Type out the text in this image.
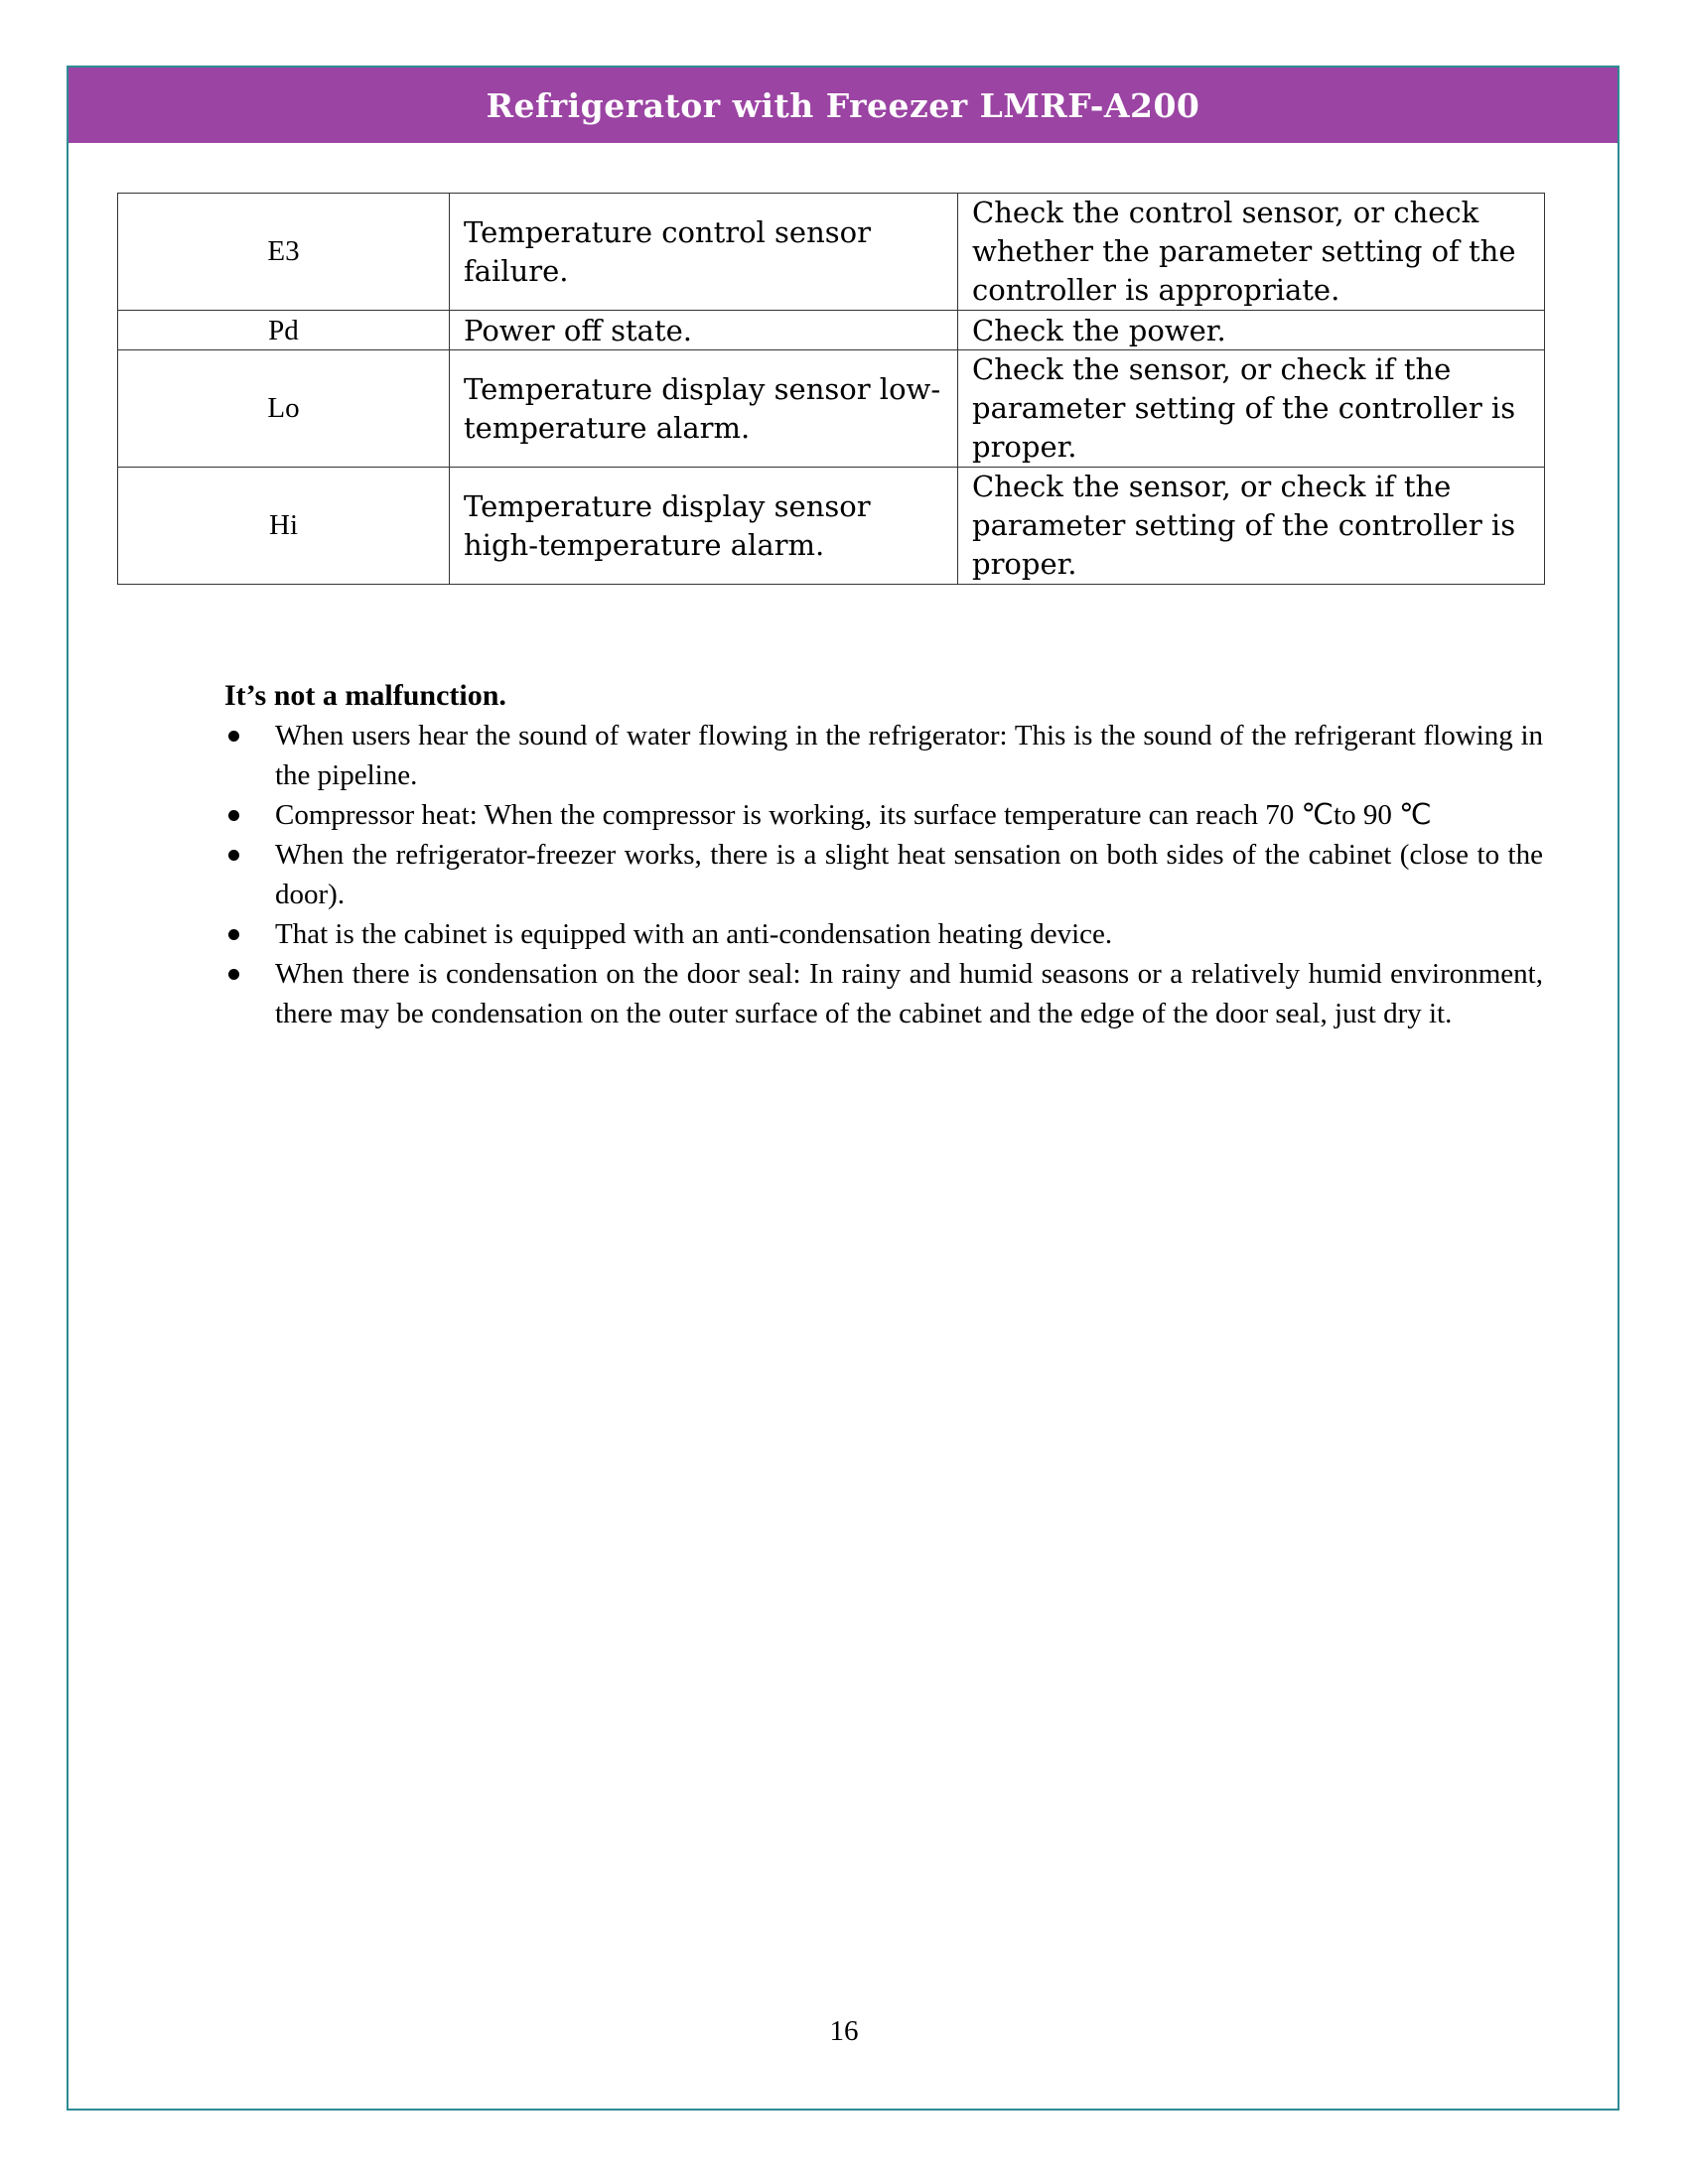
Refrigerator with Freezer LMRF-A200
E3	Temperature control sensor failure.	Check the control sensor, or check whether the parameter setting of the controller is appropriate.
Pd	Power off state.	Check the power.
Lo	Temperature display sensor low-temperature alarm.	Check the sensor, or check if the parameter setting of the controller is proper.
Hi	Temperature display sensor high-temperature alarm.	Check the sensor, or check if the parameter setting of the controller is proper.
It’s not a malfunction.
When users hear the sound of water flowing in the refrigerator: This is the sound of the refrigerant flowing in the pipeline.
Compressor heat: When the compressor is working, its surface temperature can reach 70 ℃to 90 ℃
When the refrigerator-freezer works, there is a slight heat sensation on both sides of the cabinet (close to the door).
That is the cabinet is equipped with an anti-condensation heating device.
When there is condensation on the door seal: In rainy and humid seasons or a relatively humid environment, there may be condensation on the outer surface of the cabinet and the edge of the door seal, just dry it.
16
